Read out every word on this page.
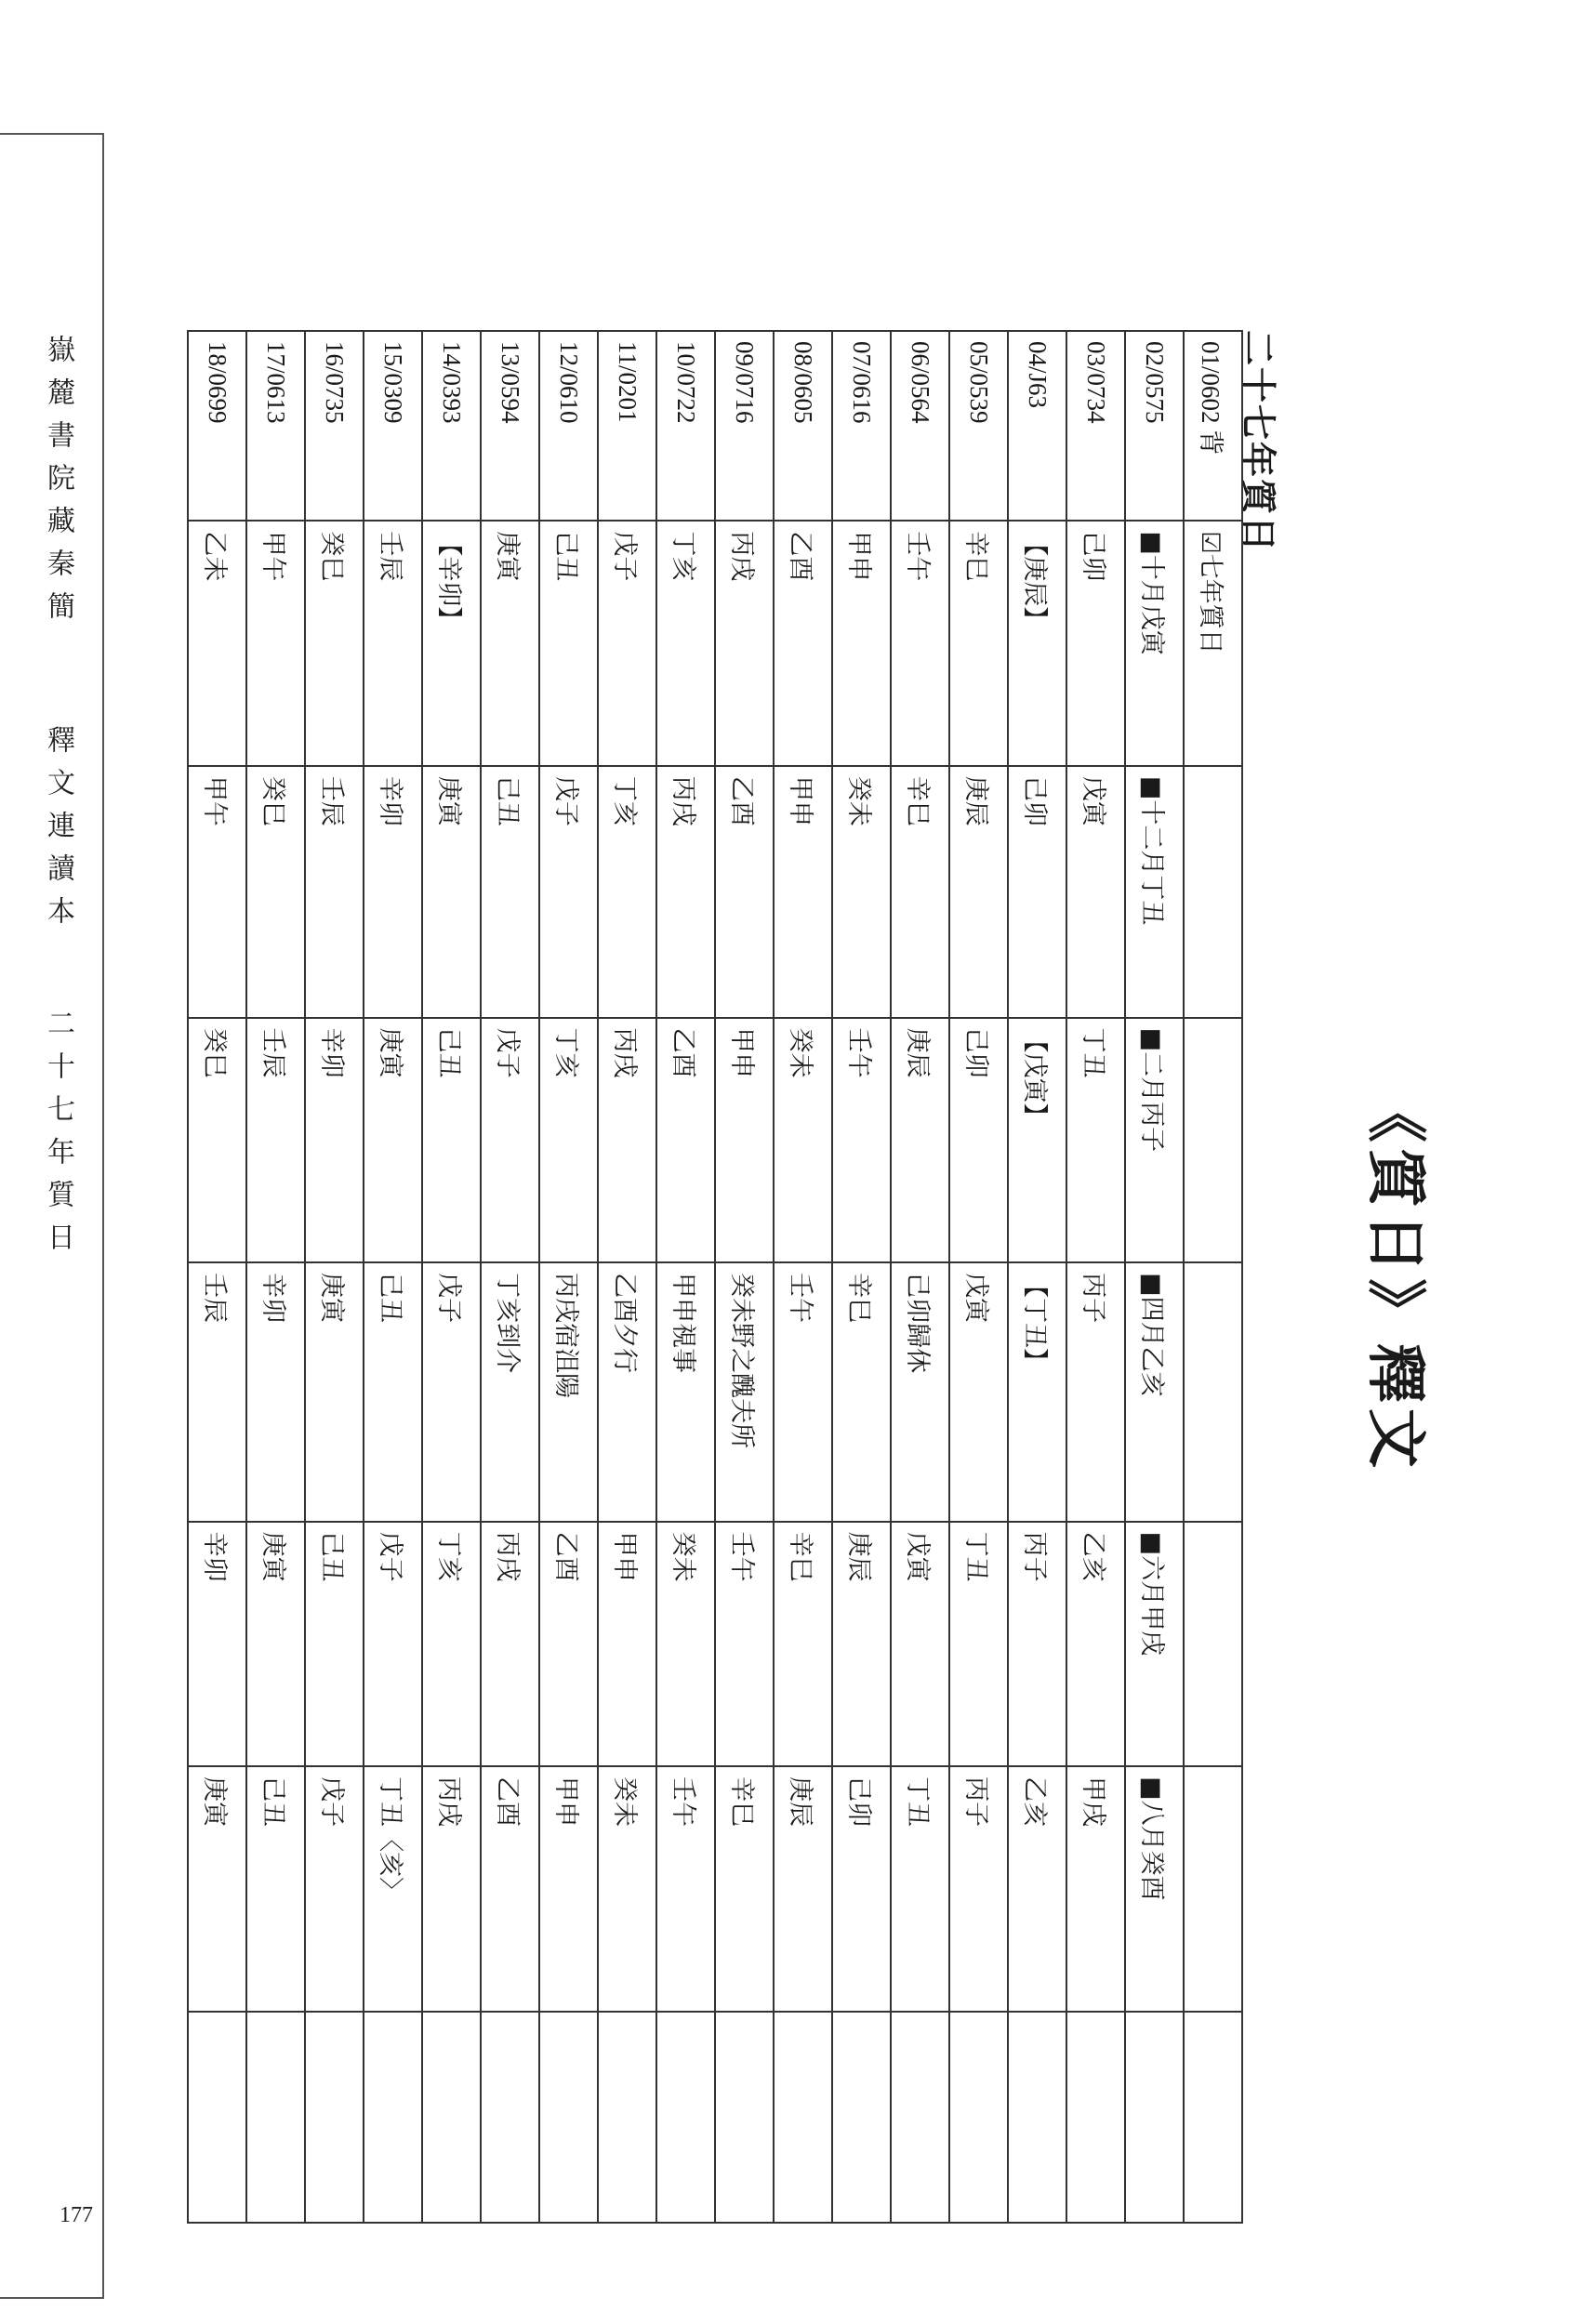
嶽麓書院藏秦簡
釋文連讀本
二十七年質日
177
《質日》釋文
二十七年質日
01/0602 背	☑七年質日						
02/0575	■十月戊寅	■十二月丁丑	■二月丙子	■四月乙亥	■六月甲戌	■八月癸酉	
03/0734	己卯	戊寅	丁丑	丙子	乙亥	甲戌	
04/J63	【庚辰】	己卯	【戊寅】	【丁丑】	丙子	乙亥	
05/0539	辛巳	庚辰	己卯	戊寅	丁丑	丙子	
06/0564	壬午	辛巳	庚辰	己卯歸休	戊寅	丁丑	
07/0616	甲申	癸未	壬午	辛巳	庚辰	己卯	
08/0605	乙酉	甲申	癸未	壬午	辛巳	庚辰	
09/0716	丙戌	乙酉	甲申	癸未野之醜夫所	壬午	辛巳	
10/0722	丁亥	丙戌	乙酉	甲申視事	癸未	壬午	
11/0201	戊子	丁亥	丙戌	乙酉夕行	甲申	癸未	
12/0610	己丑	戊子	丁亥	丙戌宿沮陽	乙酉	甲申	
13/0594	庚寅	己丑	戊子	丁亥到介	丙戌	乙酉	
14/0393	【辛卯】	庚寅	己丑	戊子	丁亥	丙戌	
15/0309	壬辰	辛卯	庚寅	己丑	戊子	丁丑〈亥〉	
16/0735	癸巳	壬辰	辛卯	庚寅	己丑	戊子	
17/0613	甲午	癸巳	壬辰	辛卯	庚寅	己丑	
18/0699	乙未	甲午	癸巳	壬辰	辛卯	庚寅	
